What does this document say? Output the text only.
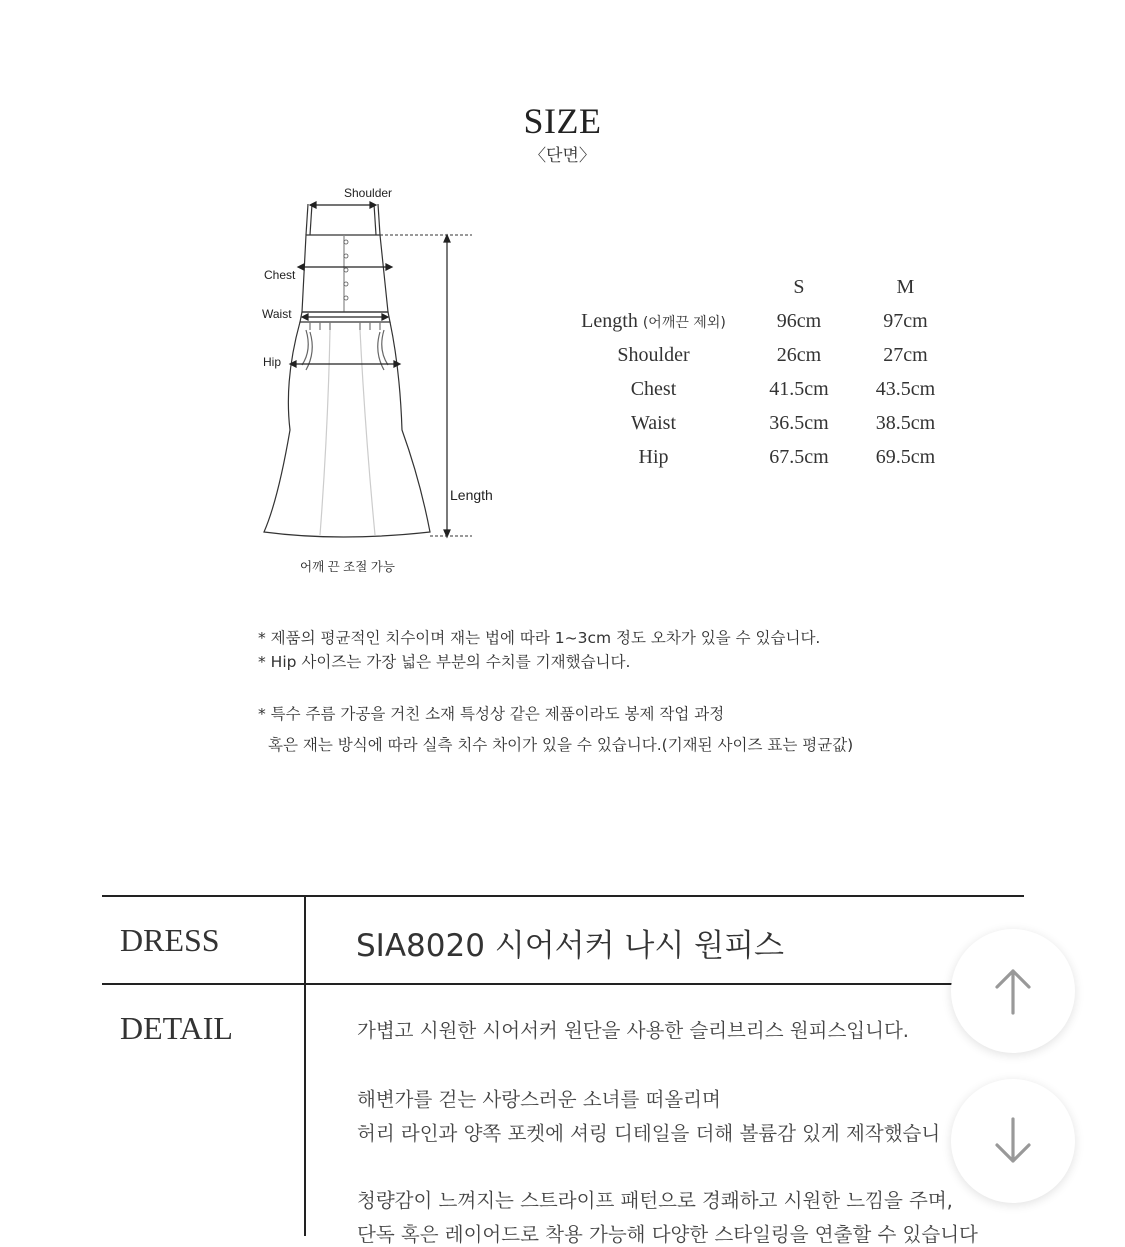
SIZE
〈단면〉
Shoulder
Chest
Waist
Hip
Length
어깨 끈 조절 가능
	S	M
Length (어깨끈 제외)	96cm	97cm
Shoulder	26cm	27cm
Chest	41.5cm	43.5cm
Waist	36.5cm	38.5cm
Hip	67.5cm	69.5cm
* 제품의 평균적인 치수이며 재는 법에 따라 1~3cm 정도 오차가 있을 수 있습니다.
* Hip 사이즈는 가장 넓은 부분의 수치를 기재했습니다.
* 특수 주름 가공을 거친 소재 특성상 같은 제품이라도 봉제 작업 과정
혹은 재는 방식에 따라 실측 치수 차이가 있을 수 있습니다.(기재된 사이즈 표는 평균값)
DRESS	SIA8020 시어서커 나시 원피스
DETAIL	가볍고 시원한 시어서커 원단을 사용한 슬리브리스 원피스입니다.
해변가를 걷는 사랑스러운 소녀를 떠올리며
허리 라인과 양쪽 포켓에 셔링 디테일을 더해 볼륨감 있게 제작했습니
청량감이 느껴지는 스트라이프 패턴으로 경쾌하고 시원한 느낌을 주며,
단독 혹은 레이어드로 착용 가능해 다양한 스타일링을 연출할 수 있습니다
